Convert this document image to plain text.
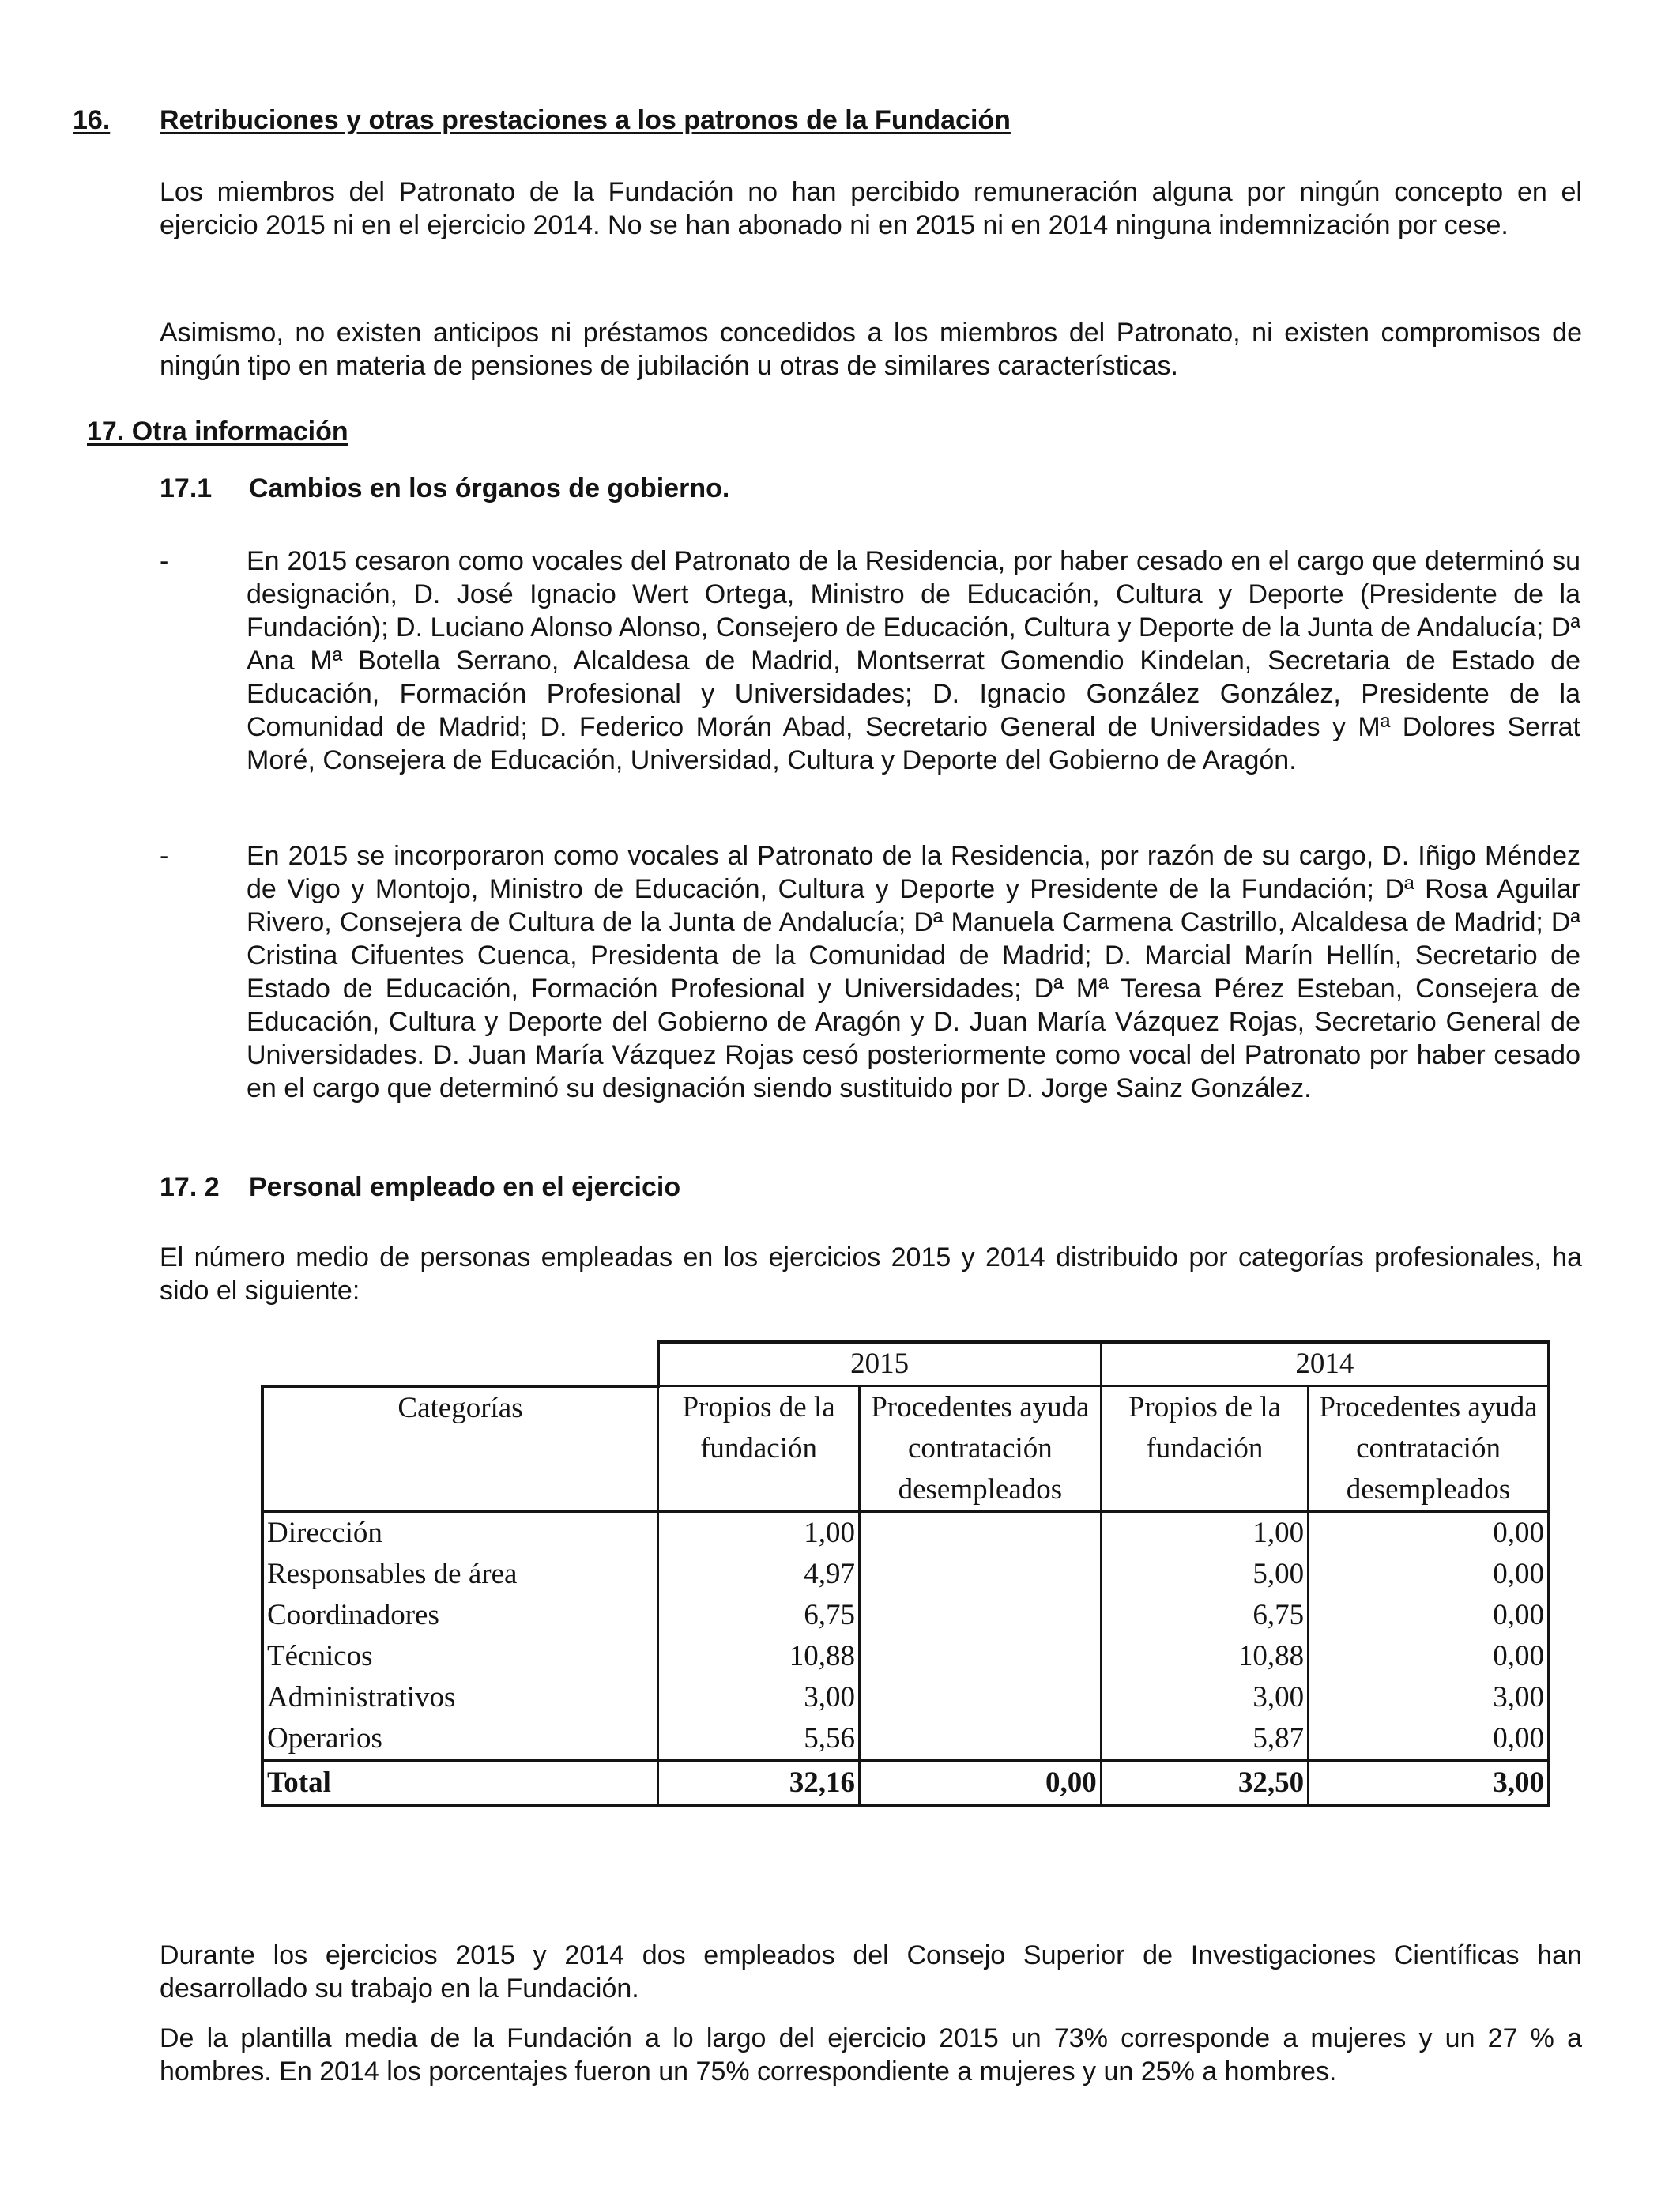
16. Retribuciones y otras prestaciones a los patronos de la Fundación
Los miembros del Patronato de la Fundación no han percibido remuneración alguna por ningún concepto en el ejercicio 2015 ni en el ejercicio 2014. No se han abonado ni en 2015 ni en 2014 ninguna indemnización por cese.
Asimismo, no existen anticipos ni préstamos concedidos a los miembros del Patronato, ni existen compromisos de ningún tipo en materia de pensiones de jubilación u otras de similares características.
17. Otra información
17.1 Cambios en los órganos de gobierno.
-	En 2015 cesaron como vocales del Patronato de la Residencia, por haber cesado en el cargo que determinó su designación, D. José Ignacio Wert Ortega, Ministro de Educación, Cultura y Deporte (Presidente de la Fundación); D. Luciano Alonso Alonso, Consejero de Educación, Cultura y Deporte de la Junta de Andalucía; Dª Ana Mª Botella Serrano, Alcaldesa de Madrid, Montserrat Gomendio Kindelan, Secretaria de Estado de Educación, Formación Profesional y Universidades; D. Ignacio González González, Presidente de la Comunidad de Madrid; D. Federico Morán Abad, Secretario General de Universidades y Mª Dolores Serrat Moré, Consejera de Educación, Universidad, Cultura y Deporte del Gobierno de Aragón.
-	En 2015 se incorporaron como vocales al Patronato de la Residencia, por razón de su cargo, D. Iñigo Méndez de Vigo y Montojo, Ministro de Educación, Cultura y Deporte y Presidente de la Fundación; Dª Rosa Aguilar Rivero, Consejera de Cultura de la Junta de Andalucía; Dª Manuela Carmena Castrillo, Alcaldesa de Madrid; Dª Cristina Cifuentes Cuenca, Presidenta de la Comunidad de Madrid; D. Marcial Marín Hellín, Secretario de Estado de Educación, Formación Profesional y Universidades; Dª Mª Teresa Pérez Esteban, Consejera de Educación, Cultura y Deporte del Gobierno de Aragón y D. Juan María Vázquez Rojas, Secretario General de Universidades. D. Juan María Vázquez Rojas cesó posteriormente como vocal del Patronato por haber cesado en el cargo que determinó su designación siendo sustituido por D. Jorge Sainz González.
17. 2 Personal empleado en el ejercicio
El número medio de personas empleadas en los ejercicios 2015 y 2014 distribuido por categorías profesionales, ha sido el siguiente:
	2015		2014	
Categorías	Propios de la fundación	Procedentes ayuda contratación desempleados	Propios de la fundación	Procedentes ayuda contratación desempleados
Dirección	1,00		1,00	0,00
Responsables de área	4,97		5,00	0,00
Coordinadores	6,75		6,75	0,00
Técnicos	10,88		10,88	0,00
Administrativos	3,00		3,00	3,00
Operarios	5,56		5,87	0,00
Total	32,16	0,00	32,50	3,00
Durante los ejercicios 2015 y 2014 dos empleados del Consejo Superior de Investigaciones Científicas han desarrollado su trabajo en la Fundación.
De la plantilla media de la Fundación a lo largo del ejercicio 2015 un 73% corresponde a mujeres y un 27 % a hombres. En 2014 los porcentajes fueron un 75% correspondiente a mujeres y un 25% a hombres.
